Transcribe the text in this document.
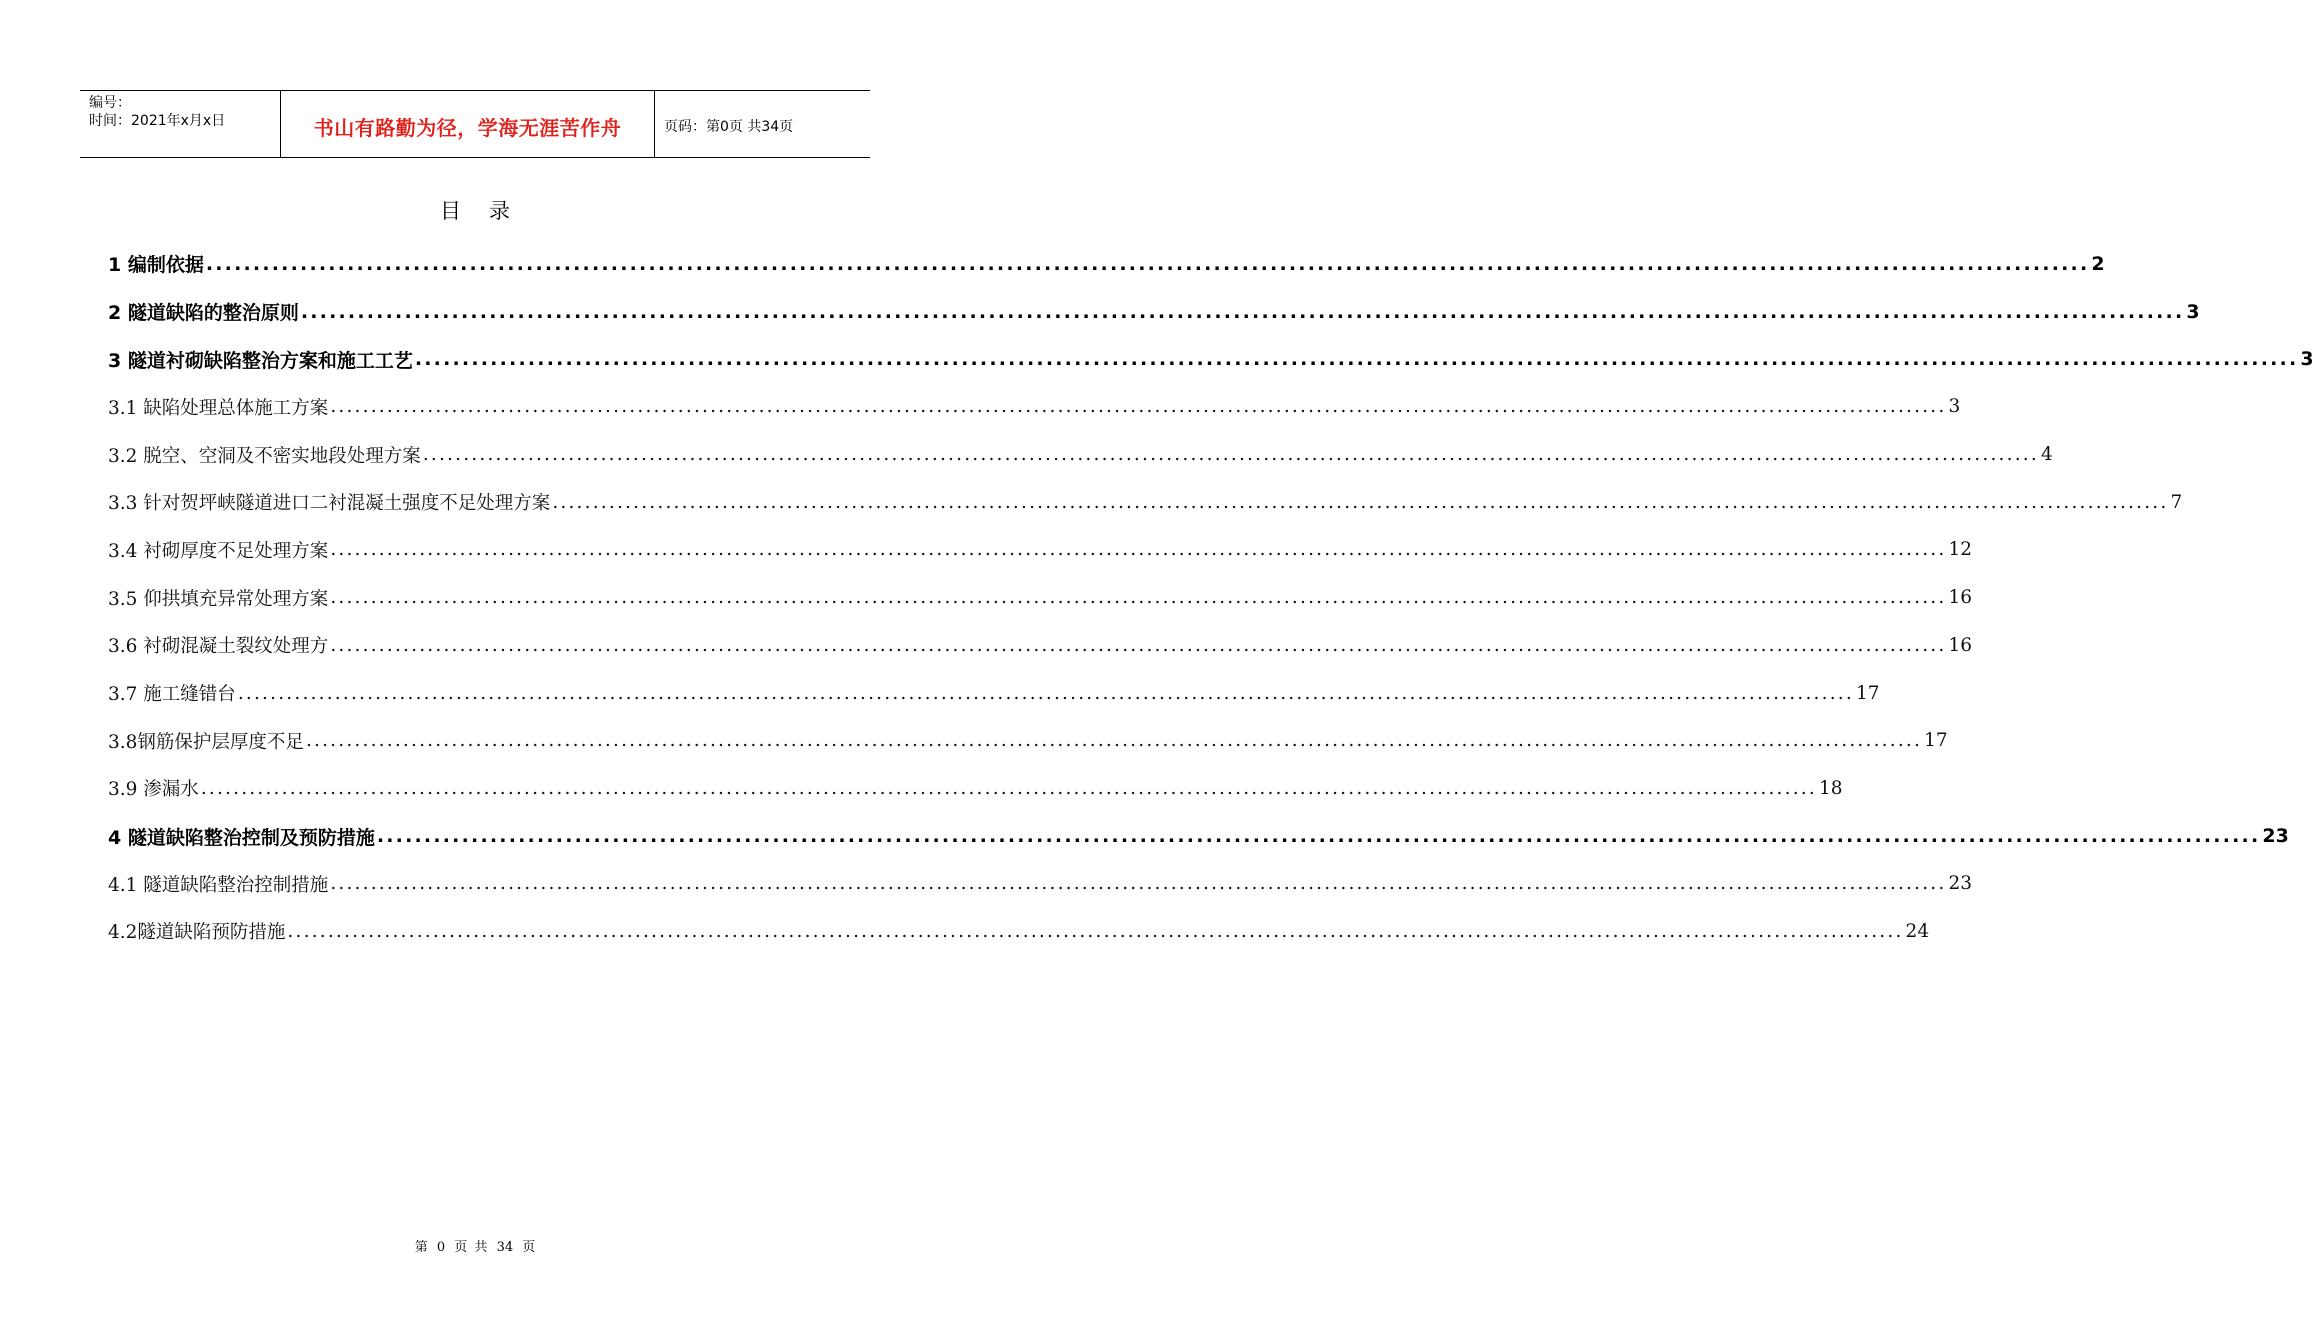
编号：
时间：2021年x月x日	书山有路勤为径，学海无涯苦作舟	页码：第0页 共34页
目录
1 编制依据 ........................................................................................................................................................................................................ 2
2 隧道缺陷的整治原则 ........................................................................................................................................................................................................ 3
3 隧道衬砌缺陷整治方案和施工工艺 ........................................................................................................................................................................................................ 3
3.1 缺陷处理总体施工方案 ........................................................................................................................................................................................................ 3
3.2 脱空、空洞及不密实地段处理方案 ........................................................................................................................................................................................................ 4
3.3 针对贺坪峡隧道进口二衬混凝土强度不足处理方案 ........................................................................................................................................................................................................ 7
3.4 衬砌厚度不足处理方案 ........................................................................................................................................................................................................ 12
3.5 仰拱填充异常处理方案 ........................................................................................................................................................................................................ 16
3.6 衬砌混凝土裂纹处理方 ........................................................................................................................................................................................................ 16
3.7 施工缝错台 ........................................................................................................................................................................................................ 17
3.8钢筋保护层厚度不足 ........................................................................................................................................................................................................ 17
3.9 渗漏水 ........................................................................................................................................................................................................ 18
4 隧道缺陷整治控制及预防措施 ........................................................................................................................................................................................................ 23
4.1 隧道缺陷整治控制措施 ........................................................................................................................................................................................................ 23
4.2隧道缺陷预防措施 ........................................................................................................................................................................................................ 24
第 0 页 共 34 页
